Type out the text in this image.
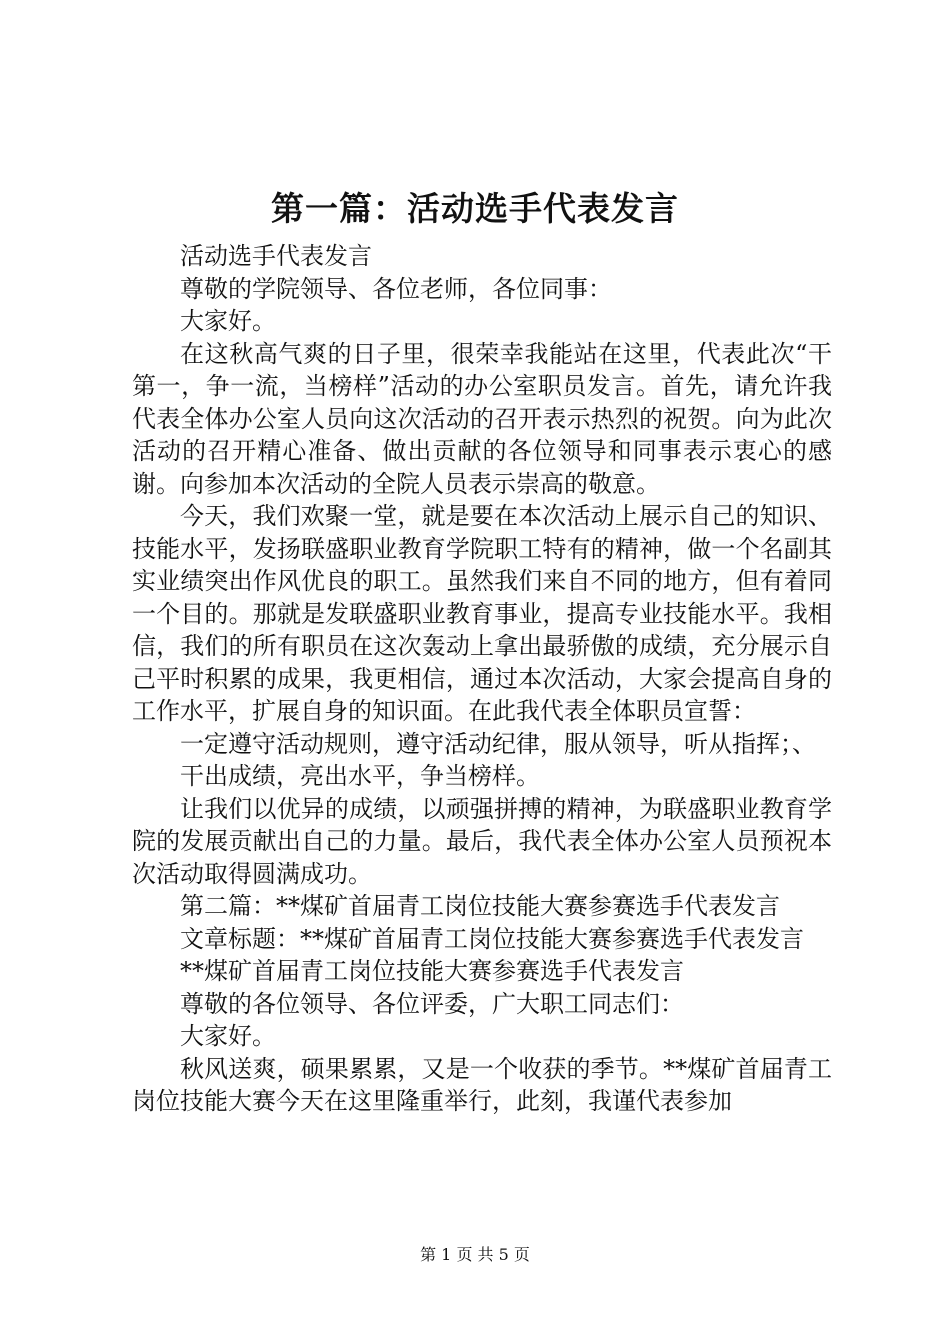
第一篇：活动选手代表发言

活动选手代表发言

尊敬的学院领导、各位老师，各位同事：

大家好。

在这秋高气爽的日子里，很荣幸我能站在这里，代表此次“干第一，争一流，当榜样”活动的办公室职员发言。首先，请允许我代表全体办公室人员向这次活动的召开表示热烈的祝贺。向为此次活动的召开精心准备、做出贡献的各位领导和同事表示衷心的感谢。向参加本次活动的全院人员表示崇高的敬意。

今天，我们欢聚一堂，就是要在本次活动上展示自己的知识、技能水平，发扬联盛职业教育学院职工特有的精神，做一个名副其实业绩突出作风优良的职工。虽然我们来自不同的地方，但有着同一个目的。那就是发联盛职业教育事业，提高专业技能水平。我相信，我们的所有职员在这次轰动上拿出最骄傲的成绩，充分展示自己平时积累的成果，我更相信，通过本次活动，大家会提高自身的工作水平，扩展自身的知识面。在此我代表全体职员宣誓：

一定遵守活动规则，遵守活动纪律，服从领导，听从指挥；、

干出成绩，亮出水平，争当榜样。

让我们以优异的成绩，以顽强拼搏的精神，为联盛职业教育学院的发展贡献出自己的力量。最后，我代表全体办公室人员预祝本次活动取得圆满成功。

第二篇：**煤矿首届青工岗位技能大赛参赛选手代表发言

文章标题：**煤矿首届青工岗位技能大赛参赛选手代表发言

**煤矿首届青工岗位技能大赛参赛选手代表发言

尊敬的各位领导、各位评委，广大职工同志们：

大家好。

秋风送爽，硕果累累，又是一个收获的季节。**煤矿首届青工岗位技能大赛今天在这里隆重举行，此刻，我谨代表参加

第 1 页 共 5 页
